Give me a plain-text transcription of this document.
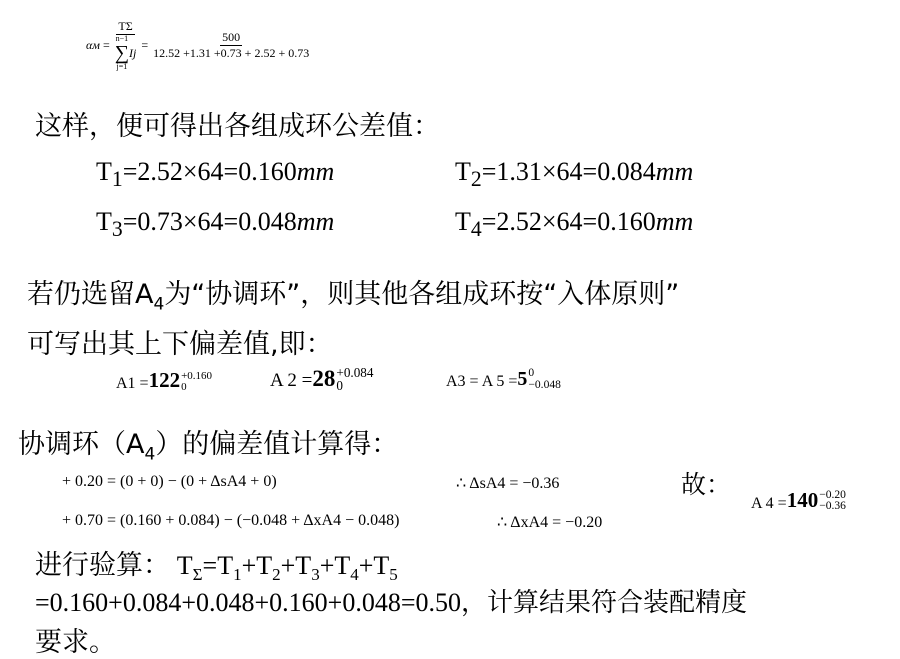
αм = TΣ
n−1
∑
j=1
$Ij = \frac{500}{12.52 +1.31 +0.73 + 2.52 + 0.73}$
这样，便可得出各组成环公差值：
$T_1=2.52\times 64=0.160mm$	$T_2=1.31\times 64=0.084mm$
$T_3=0.73\times 64=0.048mm$	$T_4=2.52\times 64=0.160mm$
若仍选留$A_4$为“协调环”，则其他各组成环按“入体原则”
可写出其上下偏差值,即：
A1 = 122 +0.160
0	A 2 = 28 +0.084
0	A3 = A 5 = 5 0
−0.048
协调环$(A_4)$的偏差值计算得：
+ 0.20 = (0 + 0) − (0 + ΔsA4 + 0)	∴ ΔsA4 = −0.36	故：
+ 0.70 = (0.160 + 0.084) − (−0.048 + ΔxA4 − 0.048)	∴ ΔxA4 = −0.20
A 4 = 140 −0.20
−0.36
进行验算： $T_\Sigma=T_1+T_2+T_3+T_4+T_5$
=0.160+0.084+0.048+0.160+0.048=0.50，计算结果符合装配精度
要求。
